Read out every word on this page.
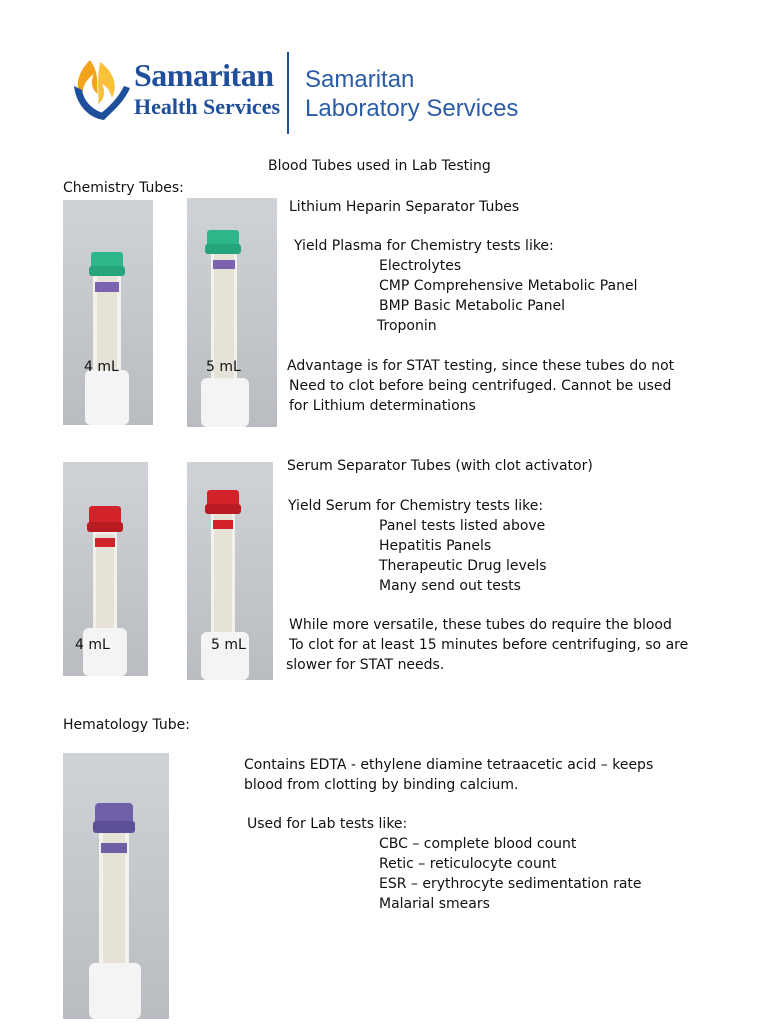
Samaritan
Health Services
Samaritan
Laboratory Services
Blood Tubes used in Lab Testing
Chemistry Tubes:
4 mL	5 mL
Lithium Heparin Separator Tubes
Yield Plasma for Chemistry tests like:
Electrolytes
CMP Comprehensive Metabolic Panel
BMP Basic Metabolic Panel
Troponin
Advantage is for STAT testing, since these tubes do not
Need to clot before being centrifuged. Cannot be used
for Lithium determinations
4 mL	5 mL
Serum Separator Tubes (with clot activator)
Yield Serum for Chemistry tests like:
Panel tests listed above
Hepatitis Panels
Therapeutic Drug levels
Many send out tests
While more versatile, these tubes do require the blood
To clot for at least 15 minutes before centrifuging, so are
slower for STAT needs.
Hematology Tube:
Contains EDTA - ethylene diamine tetraacetic acid – keeps
blood from clotting by binding calcium.
Used for Lab tests like:
CBC – complete blood count
Retic – reticulocyte count
ESR – erythrocyte sedimentation rate
Malarial smears
